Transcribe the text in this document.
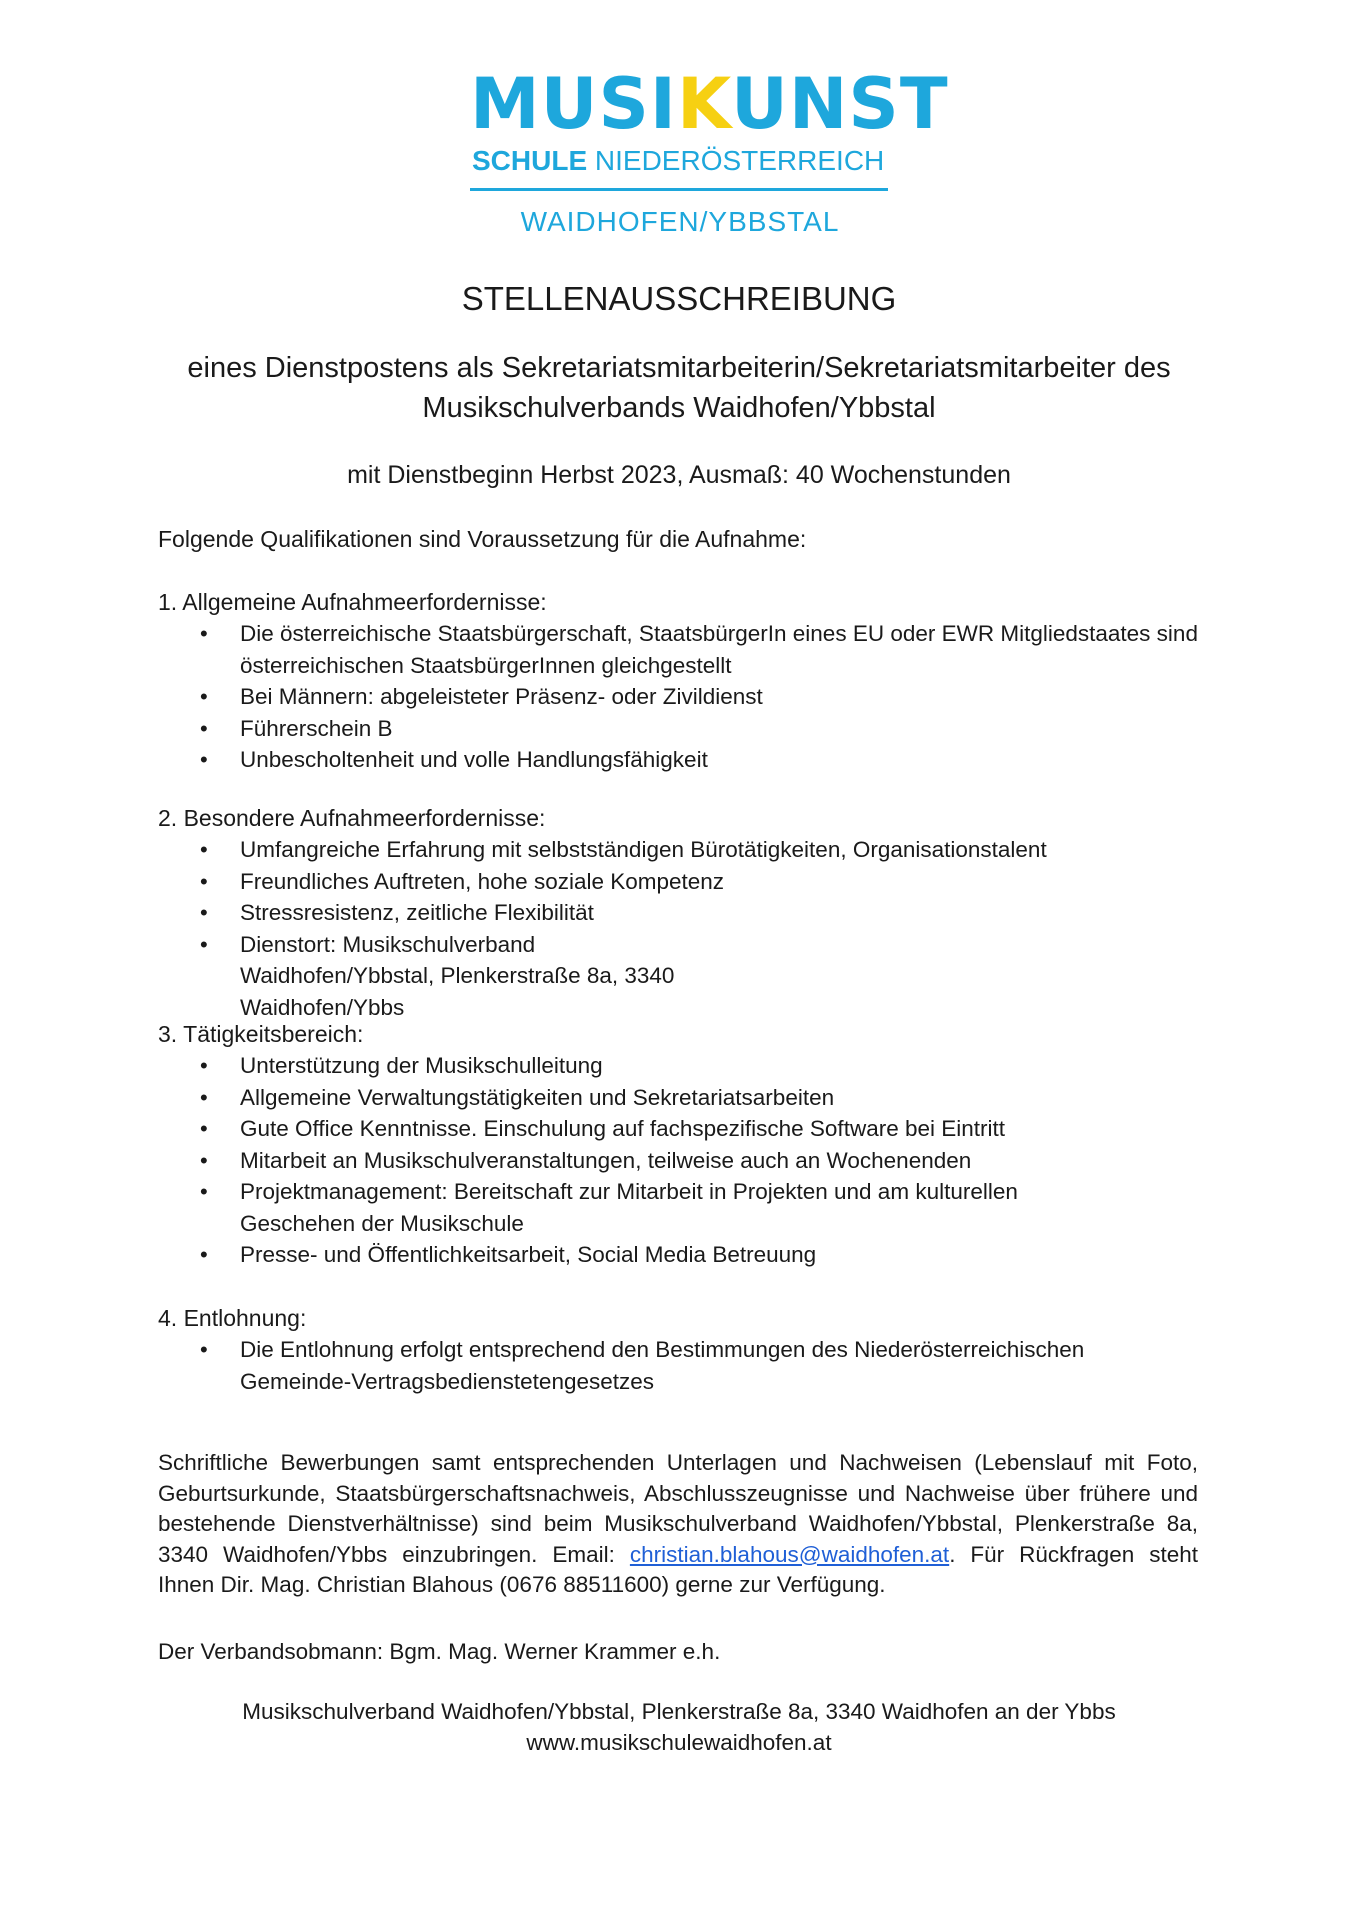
MUSIKUNST
SCHULE NIEDERÖSTERREICH
WAIDHOFEN/YBBSTAL
STELLENAUSSCHREIBUNG
eines Dienstpostens als Sekretariatsmitarbeiterin/Sekretariatsmitarbeiter des
Musikschulverbands Waidhofen/Ybbstal
mit Dienstbeginn Herbst 2023, Ausmaß: 40 Wochenstunden
Folgende Qualifikationen sind Voraussetzung für die Aufnahme:
1. Allgemeine Aufnahmeerfordernisse:
• Die österreichische Staatsbürgerschaft, StaatsbürgerIn eines EU oder EWR Mitgliedstaates sind österreichischen StaatsbürgerInnen gleichgestellt
• Bei Männern: abgeleisteter Präsenz- oder Zivildienst
• Führerschein B
• Unbescholtenheit und volle Handlungsfähigkeit
2. Besondere Aufnahmeerfordernisse:
• Umfangreiche Erfahrung mit selbstständigen Bürotätigkeiten, Organisationstalent
• Freundliches Auftreten, hohe soziale Kompetenz
• Stressresistenz, zeitliche Flexibilität
• Dienstort: Musikschulverband Waidhofen/Ybbstal, Plenkerstraße 8a, 3340 Waidhofen/Ybbs
3. Tätigkeitsbereich:
• Unterstützung der Musikschulleitung
• Allgemeine Verwaltungstätigkeiten und Sekretariatsarbeiten
• Gute Office Kenntnisse. Einschulung auf fachspezifische Software bei Eintritt
• Mitarbeit an Musikschulveranstaltungen, teilweise auch an Wochenenden
• Projektmanagement: Bereitschaft zur Mitarbeit in Projekten und am kulturellen Geschehen der Musikschule
• Presse- und Öffentlichkeitsarbeit, Social Media Betreuung
4. Entlohnung:
• Die Entlohnung erfolgt entsprechend den Bestimmungen des Niederösterreichischen Gemeinde-Vertragsbedienstetengesetzes
Schriftliche Bewerbungen samt entsprechenden Unterlagen und Nachweisen (Lebenslauf mit Foto, Geburtsurkunde, Staatsbürgerschaftsnachweis, Abschlusszeugnisse und Nachweise über frühere und bestehende Dienstverhältnisse) sind beim Musikschulverband Waidhofen/Ybbstal, Plenkerstraße 8a, 3340 Waidhofen/Ybbs einzubringen. Email: christian.blahous@waidhofen.at. Für Rückfragen steht Ihnen Dir. Mag. Christian Blahous (0676 88511600) gerne zur Verfügung.
Der Verbandsobmann: Bgm. Mag. Werner Krammer e.h.
Musikschulverband Waidhofen/Ybbstal, Plenkerstraße 8a, 3340 Waidhofen an der Ybbs
www.musikschulewaidhofen.at
